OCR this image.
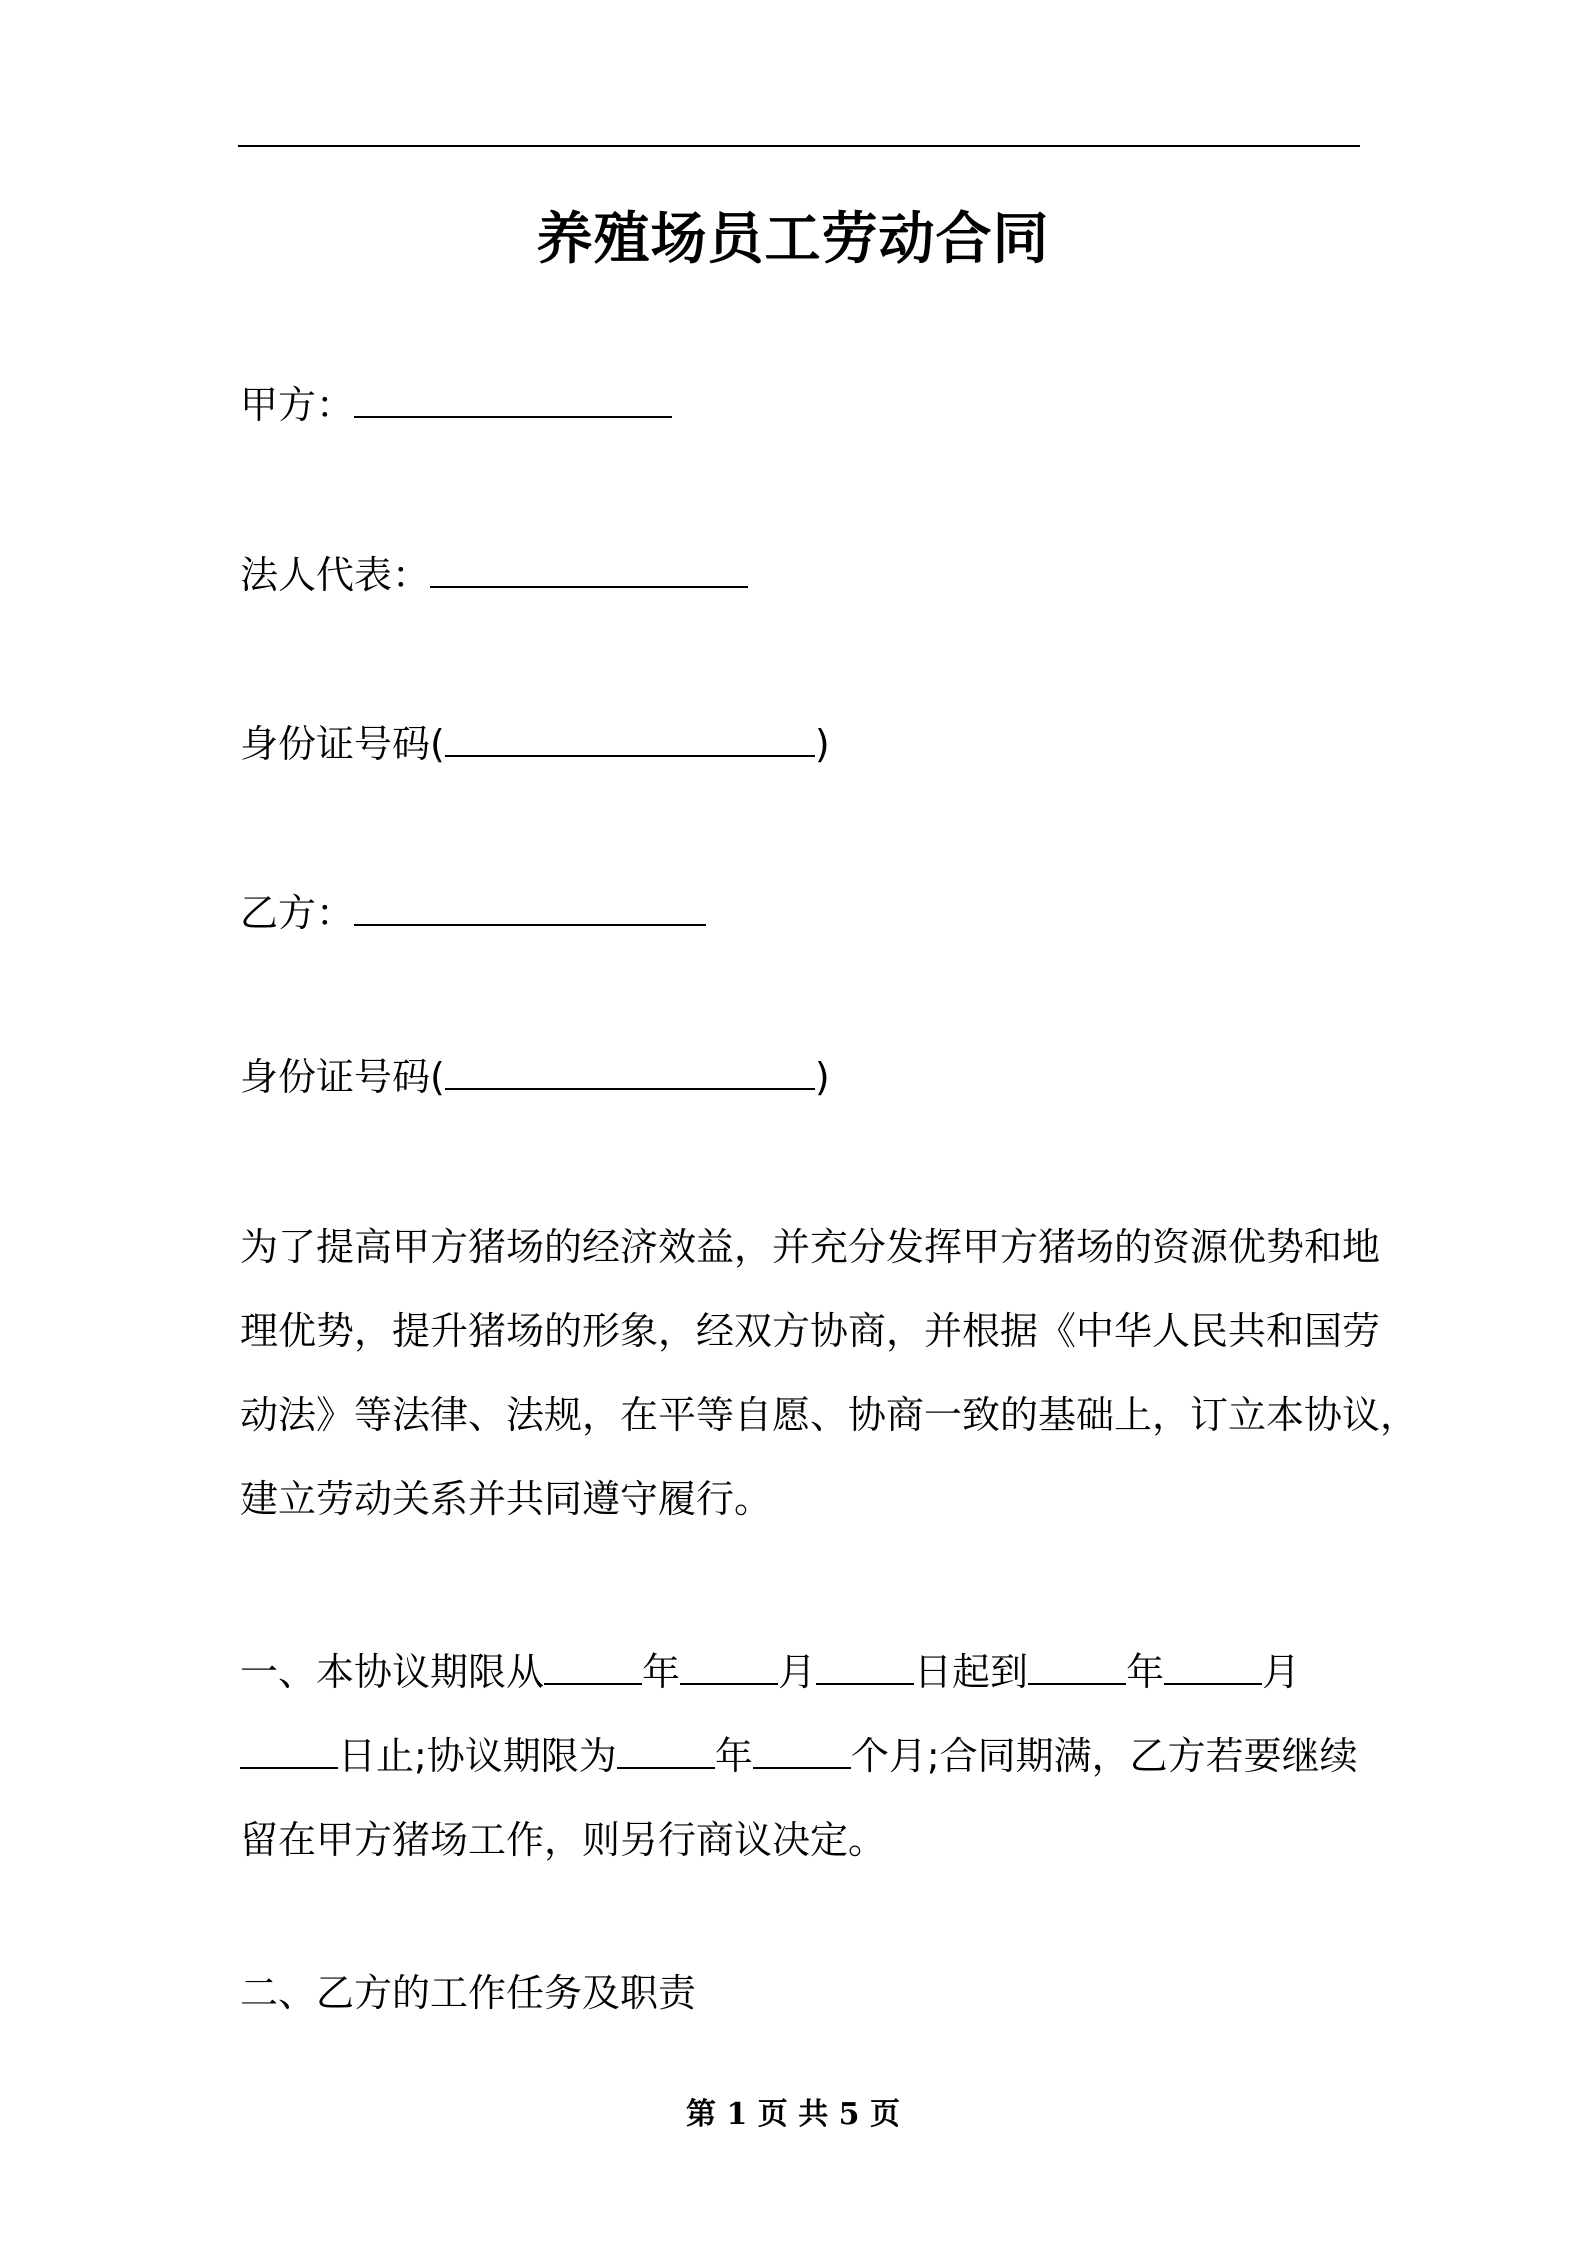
养殖场员工劳动合同
甲方：
法人代表：
身份证号码(	)
乙方：
身份证号码(	)
为了提高甲方猪场的经济效益，并充分发挥甲方猪场的资源优势和地
理优势，提升猪场的形象，经双方协商，并根据《中华人民共和国劳
动法》等法律、法规，在平等自愿、协商一致的基础上，订立本协议，
建立劳动关系并共同遵守履行。
一、本协议期限从	年	月	日起到	年	月
日止;协议期限为	年	个月;合同期满，乙方若要继续
留在甲方猪场工作，则另行商议决定。
二、乙方的工作任务及职责
第 1 页 共 5 页
